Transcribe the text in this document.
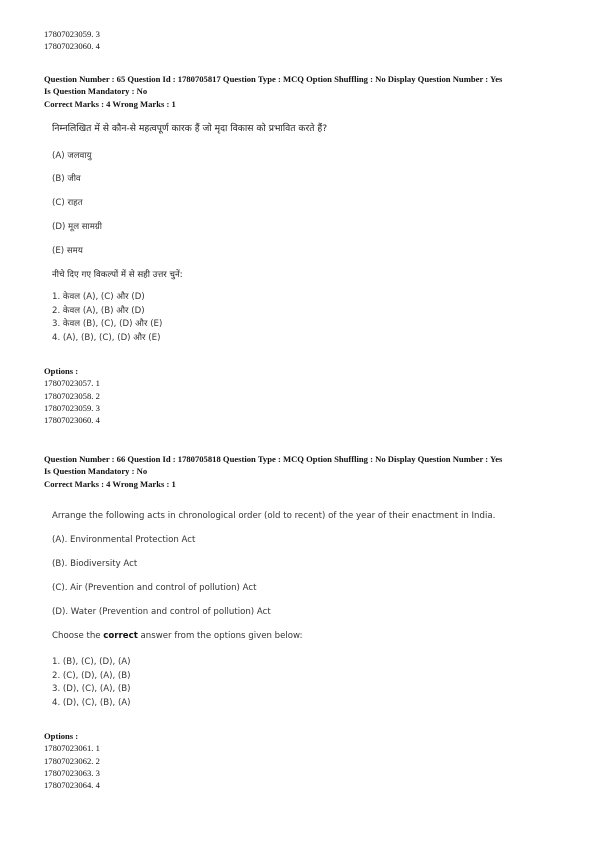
17807023059. 3
17807023060. 4
Question Number : 65 Question Id : 1780705817 Question Type : MCQ Option Shuffling : No Display Question Number : Yes
Is Question Mandatory : No
Correct Marks : 4 Wrong Marks : 1
निम्नलिखित में से कौन-से महत्वपूर्ण कारक हैं जो मृदा विकास को प्रभावित करते हैं?
(A) जलवायु
(B) जीव
(C) राहत
(D) मूल सामग्री
(E) समय
नीचे दिए गए विकल्पों में से सही उत्तर चुनें:
1. केवल (A), (C) और (D)
2. केवल (A), (B) और (D)
3. केवल (B), (C), (D) और (E)
4. (A), (B), (C), (D) और (E)
Options :
17807023057. 1
17807023058. 2
17807023059. 3
17807023060. 4
Question Number : 66 Question Id : 1780705818 Question Type : MCQ Option Shuffling : No Display Question Number : Yes
Is Question Mandatory : No
Correct Marks : 4 Wrong Marks : 1
Arrange the following acts in chronological order (old to recent) of the year of their enactment in India.
(A). Environmental Protection Act
(B). Biodiversity Act
(C). Air (Prevention and control of pollution) Act
(D). Water (Prevention and control of pollution) Act
Choose the correct answer from the options given below:
1. (B), (C), (D), (A)
2. (C), (D), (A), (B)
3. (D), (C), (A), (B)
4. (D), (C), (B), (A)
Options :
17807023061. 1
17807023062. 2
17807023063. 3
17807023064. 4
